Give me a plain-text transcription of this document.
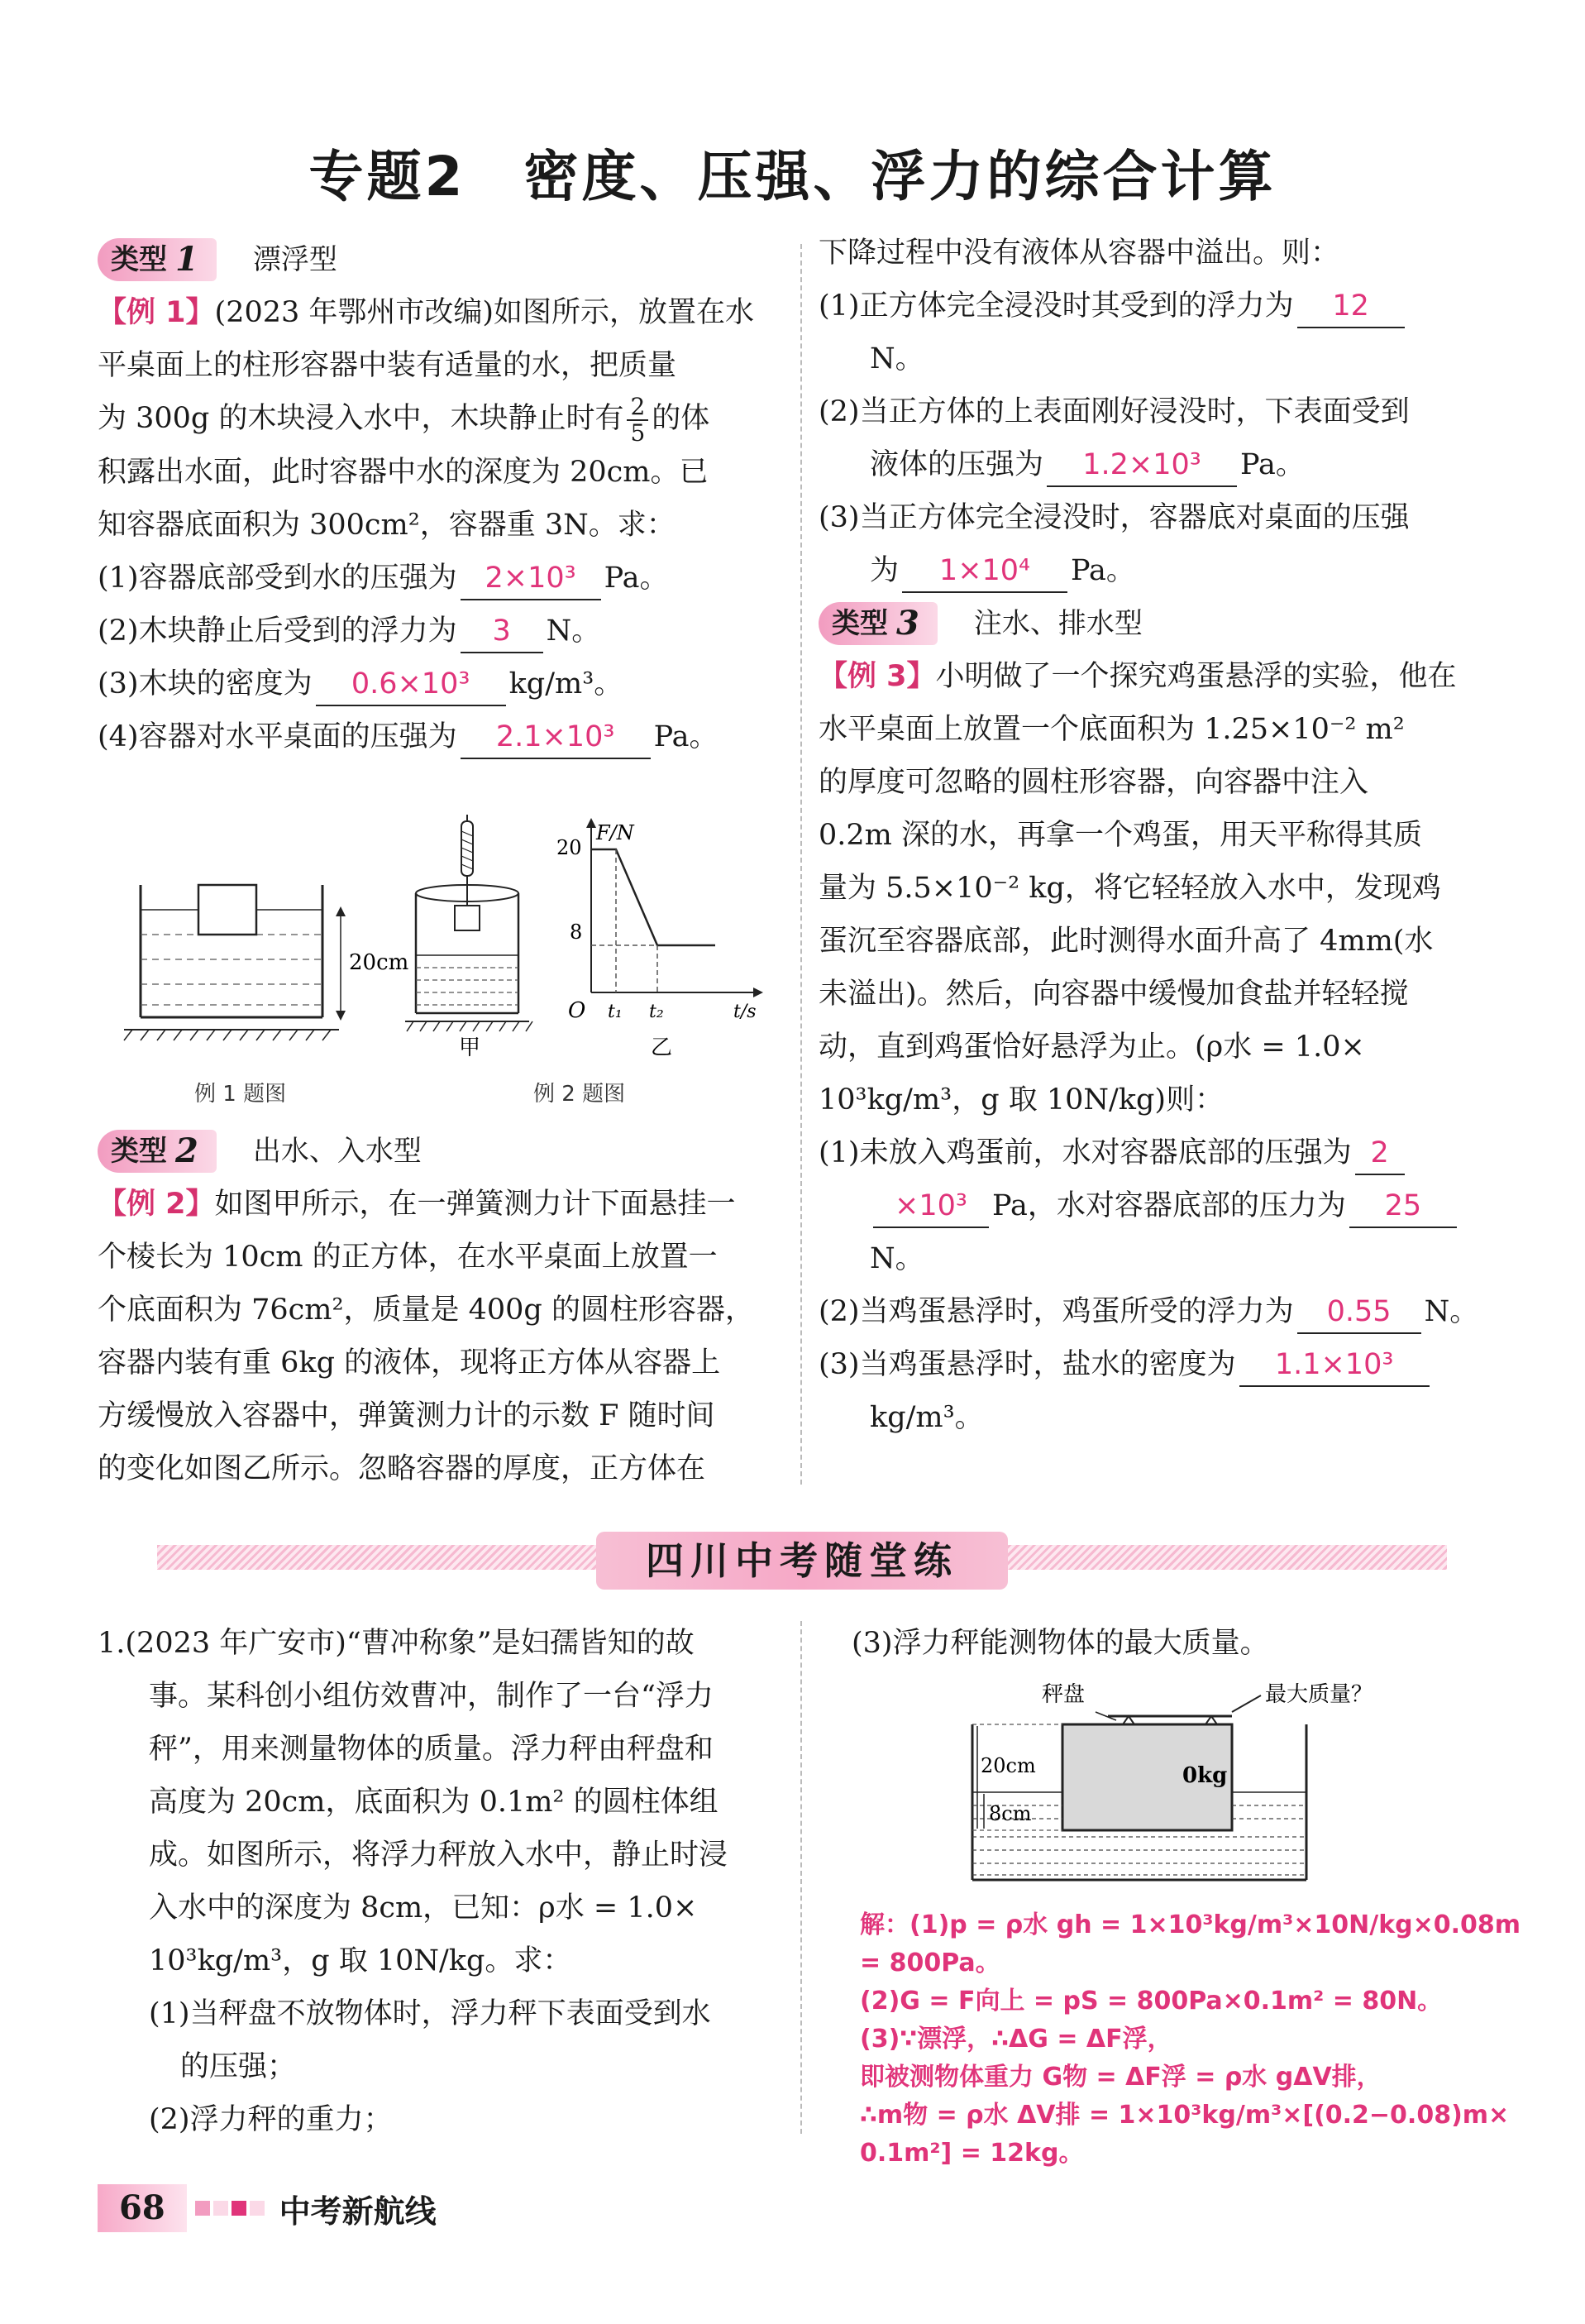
专题2　密度、压强、浮力的综合计算
类型 1 漂浮型
【例 1】(2023 年鄂州市改编)如图所示，放置在水
平桌面上的柱形容器中装有适量的水，把质量
为 300g 的木块浸入水中，木块静止时有 $\frac{2}{5}$ 的体
积露出水面，此时容器中水的深度为 20cm。已
知容器底面积为 300cm²，容器重 3N。求：
(1)容器底部受到水的压强为 2×10³ Pa。
(2)木块静止后受到的浮力为 3 N。
(3)木块的密度为 0.6×10³ kg/m³。
(4)容器对水平桌面的压强为 2.1×10³ Pa。
20cm
例 1 题图
甲
F/N
20
8
O t₁ t₂	t/s
乙
例 2 题图
类型 2 出水、入水型
【例 2】如图甲所示，在一弹簧测力计下面悬挂一
个棱长为 10cm 的正方体，在水平桌面上放置一
个底面积为 76cm²，质量是 400g 的圆柱形容器，
容器内装有重 6kg 的液体，现将正方体从容器上
方缓慢放入容器中，弹簧测力计的示数 F 随时间
的变化如图乙所示。忽略容器的厚度，正方体在
下降过程中没有液体从容器中溢出。则：
(1)正方体完全浸没时其受到的浮力为 12
N。
(2)当正方体的上表面刚好浸没时，下表面受到
液体的压强为 1.2×10³ Pa。
(3)当正方体完全浸没时，容器底对桌面的压强
为 1×10⁴ Pa。
类型 3 注水、排水型
【例 3】小明做了一个探究鸡蛋悬浮的实验，他在
水平桌面上放置一个底面积为 1.25×10⁻² m²
的厚度可忽略的圆柱形容器，向容器中注入
0.2m 深的水，再拿一个鸡蛋，用天平称得其质
量为 5.5×10⁻² kg，将它轻轻放入水中，发现鸡
蛋沉至容器底部，此时测得水面升高了 4mm(水
未溢出)。然后，向容器中缓慢加食盐并轻轻搅
动，直到鸡蛋恰好悬浮为止。(ρ水 = 1.0×
10³kg/m³，g 取 10N/kg)则：
(1)未放入鸡蛋前，水对容器底部的压强为 2
×10³ Pa，水对容器底部的压力为 25
N。
(2)当鸡蛋悬浮时，鸡蛋所受的浮力为 0.55 N。
(3)当鸡蛋悬浮时，盐水的密度为 1.1×10³
kg/m³。
四川中考随堂练
1.(2023 年广安市)“曹冲称象”是妇孺皆知的故
事。某科创小组仿效曹冲，制作了一台“浮力
秤”，用来测量物体的质量。浮力秤由秤盘和
高度为 20cm，底面积为 0.1m² 的圆柱体组
成。如图所示，将浮力秤放入水中，静止时浸
入水中的深度为 8cm，已知：ρ水 = 1.0×
10³kg/m³，g 取 10N/kg。求：
(1)当秤盘不放物体时，浮力秤下表面受到水
的压强；
(2)浮力秤的重力；
(3)浮力秤能测物体的最大质量。
秤盘	最大质量？
0kg
20cm
8cm
解：(1)p = ρ水 gh = 1×10³kg/m³×10N/kg×0.08m
= 800Pa。
(2)G = F向上 = pS = 800Pa×0.1m² = 80N。
(3)∵漂浮，∴ΔG = ΔF浮，
即被测物体重力 G物 = ΔF浮 = ρ水 gΔV排，
∴m物 = ρ水 ΔV排 = 1×10³kg/m³×[(0.2−0.08)m×
0.1m²] = 12kg。
68	中考新航线
